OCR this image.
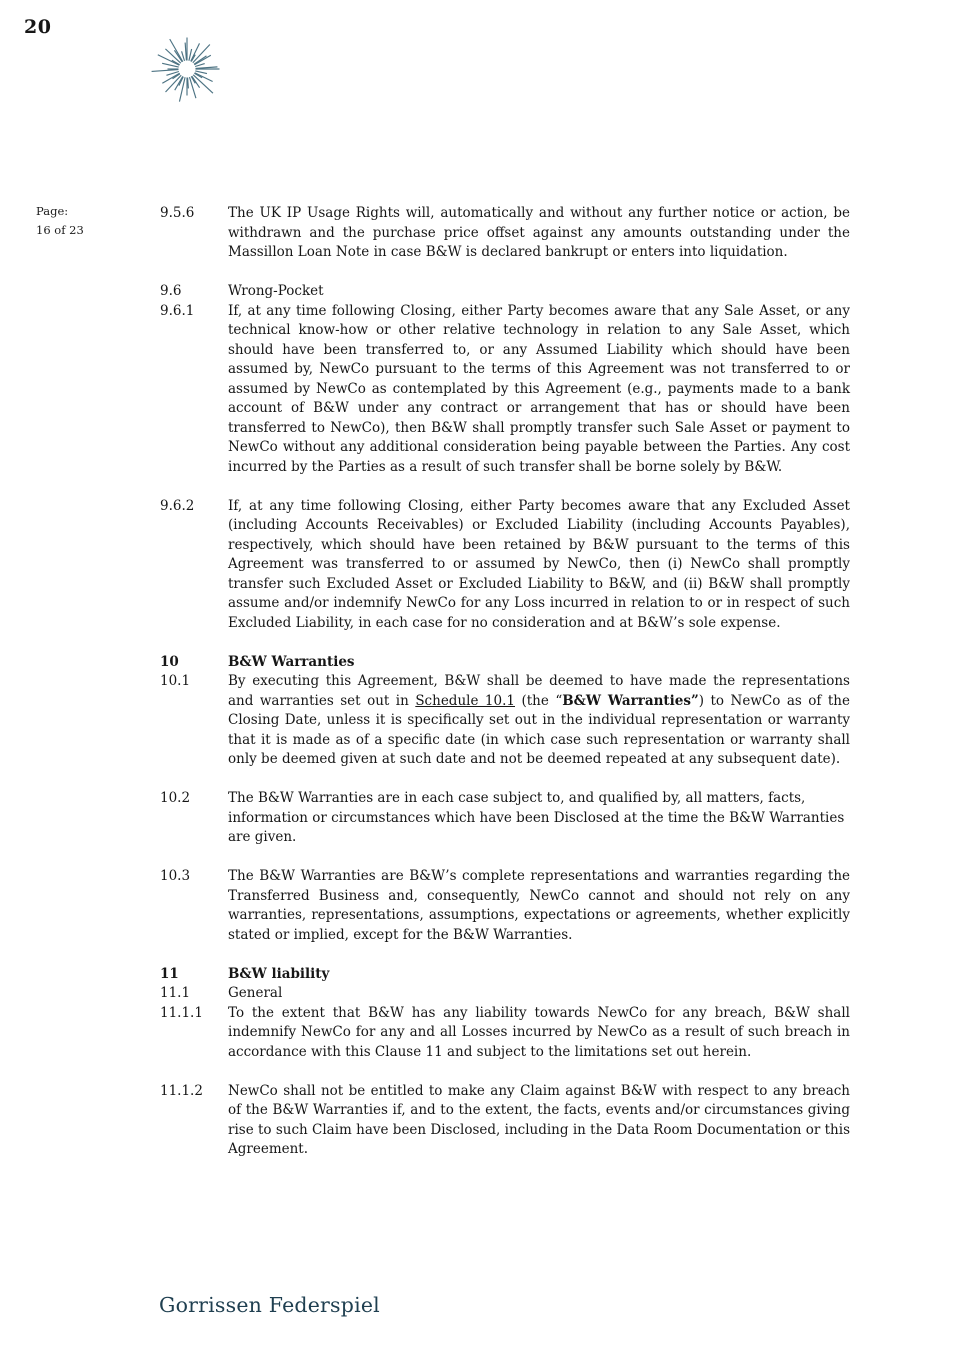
20
Page:
16 of 23
9.5.6	The UK IP Usage Rights will, automatically and without any further notice or action, be withdrawn and the purchase price offset against any amounts outstanding under the Massillon Loan Note in case B&W is declared bankrupt or enters into liquidation.
9.6	Wrong-Pocket
9.6.1	If, at any time following Closing, either Party becomes aware that any Sale Asset, or any technical know-how or other relative technology in relation to any Sale Asset, which should have been transferred to, or any Assumed Liability which should have been assumed by, NewCo pursuant to the terms of this Agreement was not transferred to or assumed by NewCo as contemplated by this Agreement (e.g., payments made to a bank account of B&W under any contract or arrangement that has or should have been transferred to NewCo), then B&W shall promptly transfer such Sale Asset or payment to NewCo without any additional consideration being payable between the Parties. Any cost incurred by the Parties as a result of such transfer shall be borne solely by B&W.
9.6.2	If, at any time following Closing, either Party becomes aware that any Excluded Asset (including Accounts Receivables) or Excluded Liability (including Accounts Payables), respectively, which should have been retained by B&W pursuant to the terms of this Agreement was transferred to or assumed by NewCo, then (i) NewCo shall promptly transfer such Excluded Asset or Excluded Liability to B&W, and (ii) B&W shall promptly assume and/or indemnify NewCo for any Loss incurred in relation to or in respect of such Excluded Liability, in each case for no consideration and at B&W’s sole expense.
10	B&W Warranties
10.1	By executing this Agreement, B&W shall be deemed to have made the representations and warranties set out in Schedule 10.1 (the “B&W Warranties”) to NewCo as of the Closing Date, unless it is specifically set out in the individual representation or warranty that it is made as of a specific date (in which case such representation or warranty shall only be deemed given at such date and not be deemed repeated at any subsequent date).
10.2	The B&W Warranties are in each case subject to, and qualified by, all matters, facts, information or circumstances which have been Disclosed at the time the B&W Warranties are given.
10.3	The B&W Warranties are B&W’s complete representations and warranties regarding the Transferred Business and, consequently, NewCo cannot and should not rely on any warranties, representations, assumptions, expectations or agreements, whether explicitly stated or implied, except for the B&W Warranties.
11	B&W liability
11.1	General
11.1.1	To the extent that B&W has any liability towards NewCo for any breach, B&W shall indemnify NewCo for any and all Losses incurred by NewCo as a result of such breach in accordance with this Clause 11 and subject to the limitations set out herein.
11.1.2	NewCo shall not be entitled to make any Claim against B&W with respect to any breach of the B&W Warranties if, and to the extent, the facts, events and/or circumstances giving rise to such Claim have been Disclosed, including in the Data Room Documentation or this Agreement.
Gorrissen Federspiel
